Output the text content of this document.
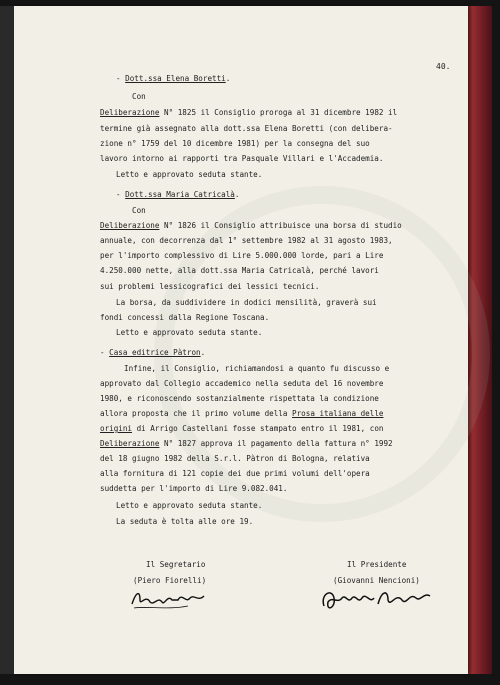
40.
- Dott.ssa Elena Boretti.
Con
Deliberazione N° 1825 il Consiglio proroga al 31 dicembre 1982 il
termine già assegnato alla dott.ssa Elena Boretti (con delibera-
zione n° 1759 del 10 dicembre 1981) per la consegna del suo
lavoro intorno ai rapporti tra Pasquale Villari e l'Accademia.
Letto e approvato seduta stante.
- Dott.ssa Maria Catricalà.
Con
Deliberazione N° 1826 il Consiglio attribuisce una borsa di studio
annuale, con decorrenza dal 1° settembre 1982 al 31 agosto 1983,
per l'importo complessivo di Lire 5.000.000 lorde, pari a Lire
4.250.000 nette, alla dott.ssa Maria Catricalà, perché lavori
sui problemi lessicografici dei lessici tecnici.
La borsa, da suddividere in dodici mensilità, graverà sui
fondi concessi dalla Regione Toscana.
Letto e approvato seduta stante.
- Casa editrice Pàtron.
Infine, il Consiglio, richiamandosi a quanto fu discusso e
approvato dal Collegio accademico nella seduta del 16 novembre
1980, e riconoscendo sostanzialmente rispettata la condizione
allora proposta che il primo volume della Prosa italiana delle
origini di Arrigo Castellani fosse stampato entro il 1981, con
Deliberazione N° 1827 approva il pagamento della fattura n° 1992
del 18 giugno 1982 della S.r.l. Pàtron di Bologna, relativa
alla fornitura di 121 copie dei due primi volumi dell'opera
suddetta per l'importo di Lire 9.082.041.
Letto e approvato seduta stante.
La seduta è tolta alle ore 19.
Il Segretario
(Piero Fiorelli)
Il Presidente
(Giovanni Nencioni)
